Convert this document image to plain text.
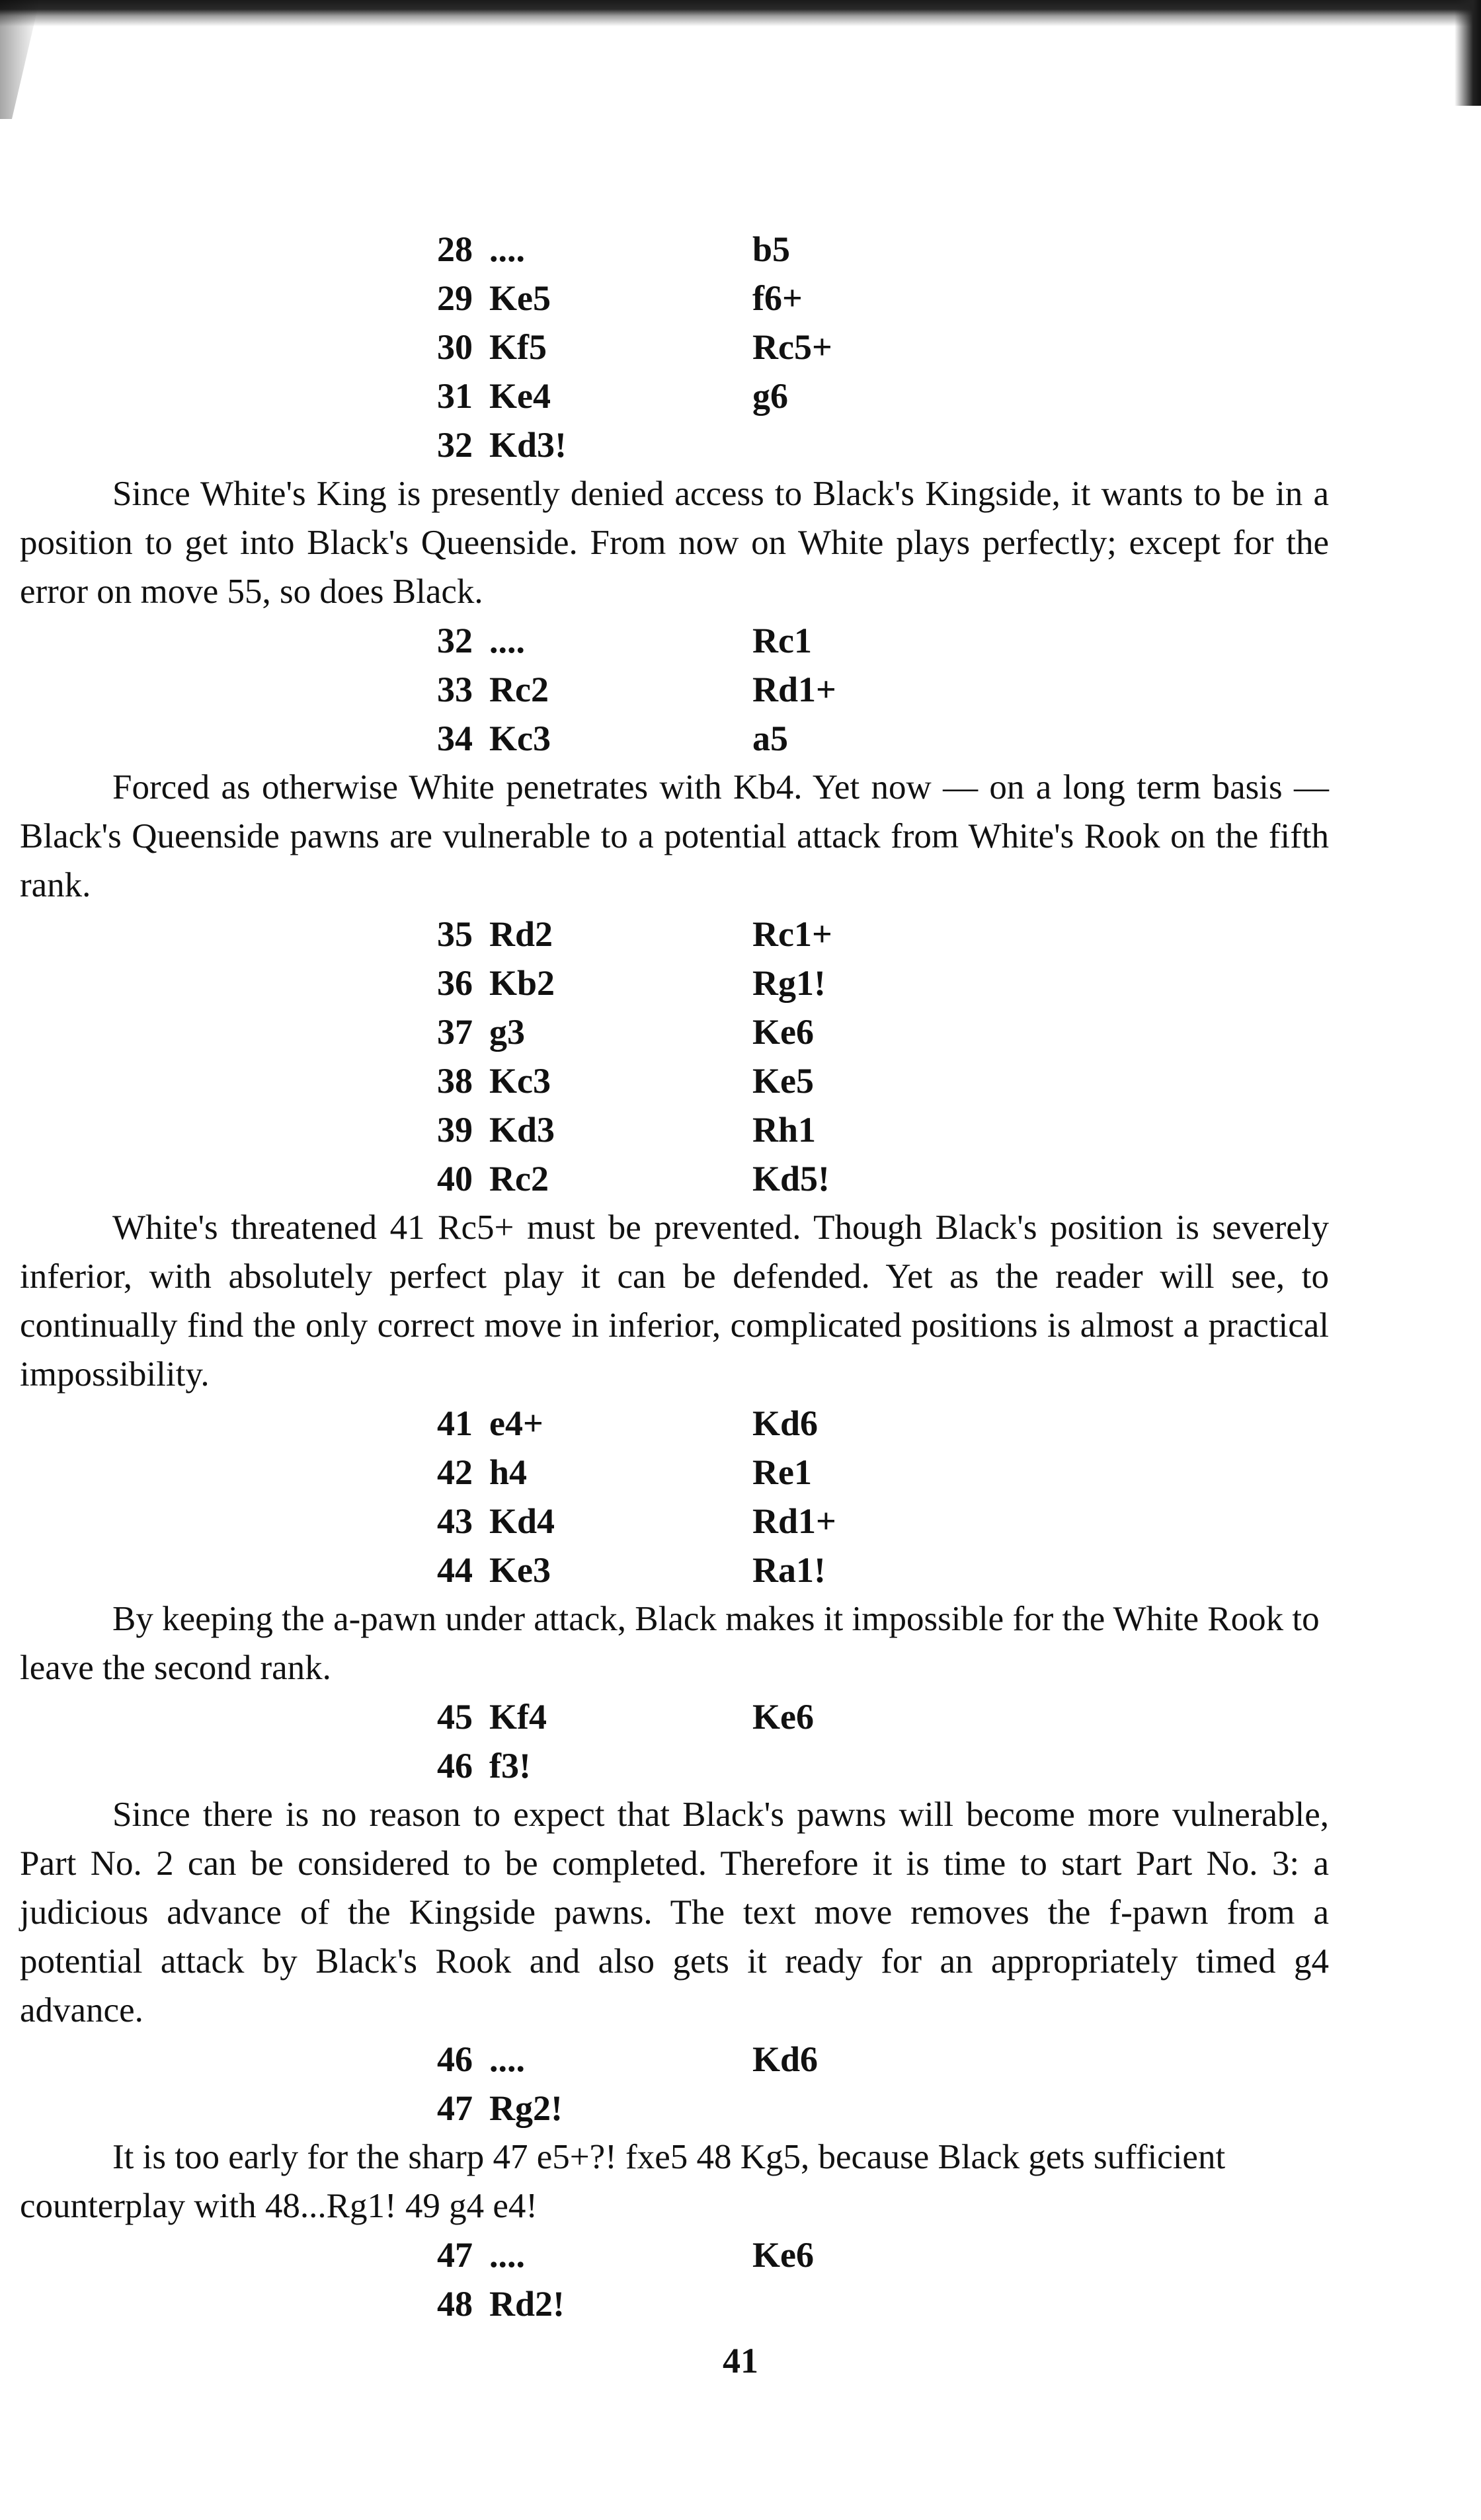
28 ....	b5
29 Ke5	f6+
30 Kf5	Rc5+
31 Ke4	g6
32 Kd3!

Since White's King is presently denied access to Black's Kingside, it wants to be in a position to get into Black's Queenside. From now on White plays perfectly; except for the error on move 55, so does Black.

32 ....	Rc1
33 Rc2	Rd1+
34 Kc3	a5

Forced as otherwise White penetrates with Kb4. Yet now — on a long term basis — Black's Queenside pawns are vulnerable to a potential attack from White's Rook on the fifth rank.

35 Rd2	Rc1+
36 Kb2	Rg1!
37 g3	Ke6
38 Kc3	Ke5
39 Kd3	Rh1
40 Rc2	Kd5!

White's threatened 41 Rc5+ must be prevented. Though Black's position is severely inferior, with absolutely perfect play it can be defended. Yet as the reader will see, to continually find the only correct move in inferior, complicated positions is almost a practical impossibility.

41 e4+	Kd6
42 h4	Re1
43 Kd4	Rd1+
44 Ke3	Ra1!

By keeping the a-pawn under attack, Black makes it impossible for the White Rook to leave the second rank.

45 Kf4	Ke6
46 f3!

Since there is no reason to expect that Black's pawns will become more vulnerable, Part No. 2 can be considered to be completed. Therefore it is time to start Part No. 3: a judicious advance of the Kingside pawns. The text move removes the f-pawn from a potential attack by Black's Rook and also gets it ready for an appropriately timed g4 advance.

46 ....	Kd6
47 Rg2!

It is too early for the sharp 47 e5+?! fxe5 48 Kg5, because Black gets sufficient counterplay with 48...Rg1! 49 g4 e4!

47 ....	Ke6
48 Rd2!
41
